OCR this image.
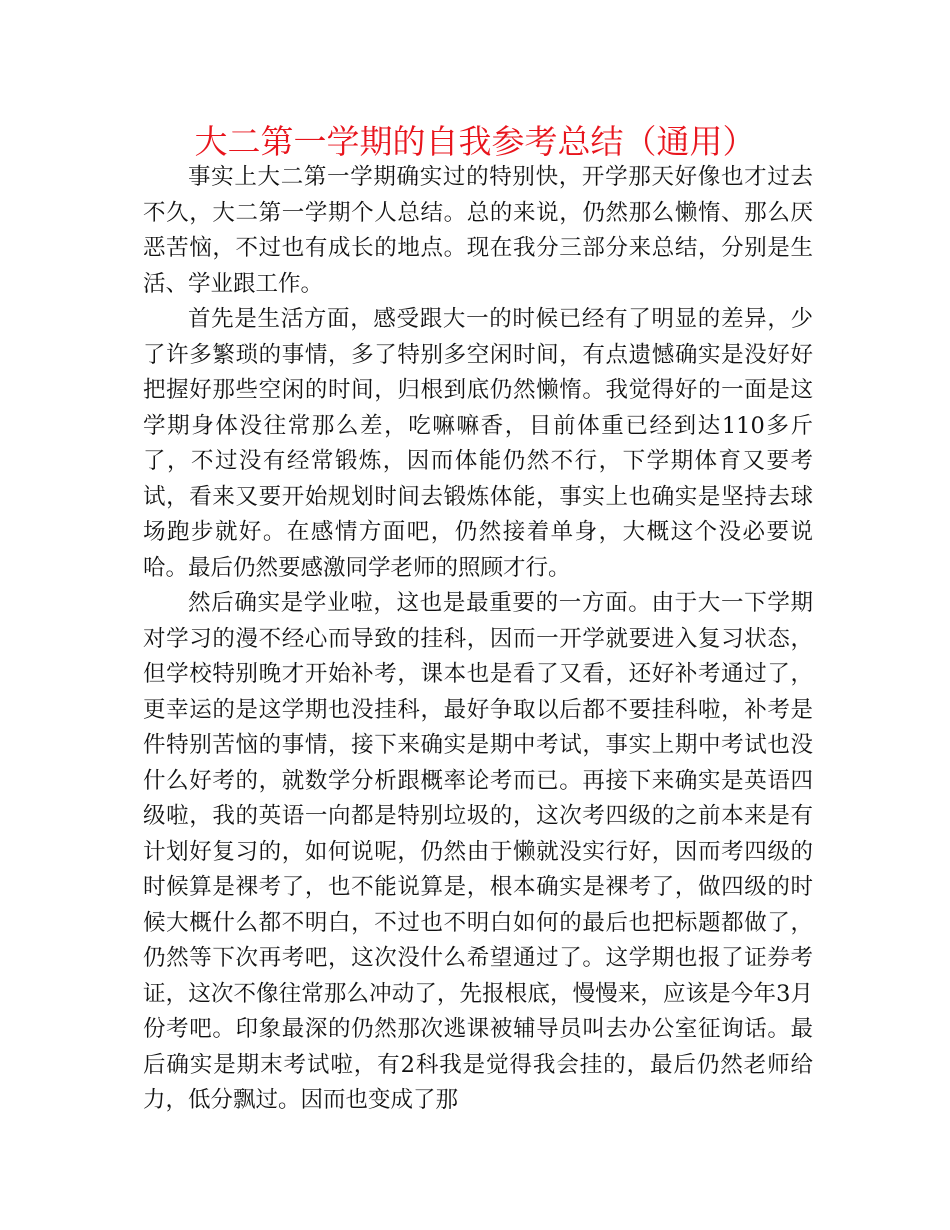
大二第一学期的自我参考总结（通用）

事实上大二第一学期确实过的特别快，开学那天好像也才过去不久，大二第一学期个人总结。总的来说，仍然那么懒惰、那么厌恶苦恼，不过也有成长的地点。现在我分三部分来总结，分别是生活、学业跟工作。

首先是生活方面，感受跟大一的时候已经有了明显的差异，少了许多繁琐的事情，多了特别多空闲时间，有点遗憾确实是没好好把握好那些空闲的时间，归根到底仍然懒惰。我觉得好的一面是这学期身体没往常那么差，吃嘛嘛香，目前体重已经到达110多斤了，不过没有经常锻炼，因而体能仍然不行，下学期体育又要考试，看来又要开始规划时间去锻炼体能，事实上也确实是坚持去球场跑步就好。在感情方面吧，仍然接着单身，大概这个没必要说哈。最后仍然要感激同学老师的照顾才行。

然后确实是学业啦，这也是最重要的一方面。由于大一下学期对学习的漫不经心而导致的挂科，因而一开学就要进入复习状态，但学校特别晚才开始补考，课本也是看了又看，还好补考通过了，更幸运的是这学期也没挂科，最好争取以后都不要挂科啦，补考是件特别苦恼的事情，接下来确实是期中考试，事实上期中考试也没什么好考的，就数学分析跟概率论考而已。再接下来确实是英语四级啦，我的英语一向都是特别垃圾的，这次考四级的之前本来是有计划好复习的，如何说呢，仍然由于懒就没实行好，因而考四级的时候算是裸考了，也不能说算是，根本确实是裸考了，做四级的时候大概什么都不明白，不过也不明白如何的最后也把标题都做了，仍然等下次再考吧，这次没什么希望通过了。这学期也报了证券考证，这次不像往常那么冲动了，先报根底，慢慢来，应该是今年3月份考吧。印象最深的仍然那次逃课被辅导员叫去办公室征询话。最后确实是期末考试啦，有2科我是觉得我会挂的，最后仍然老师给力，低分飘过。因而也变成了那
